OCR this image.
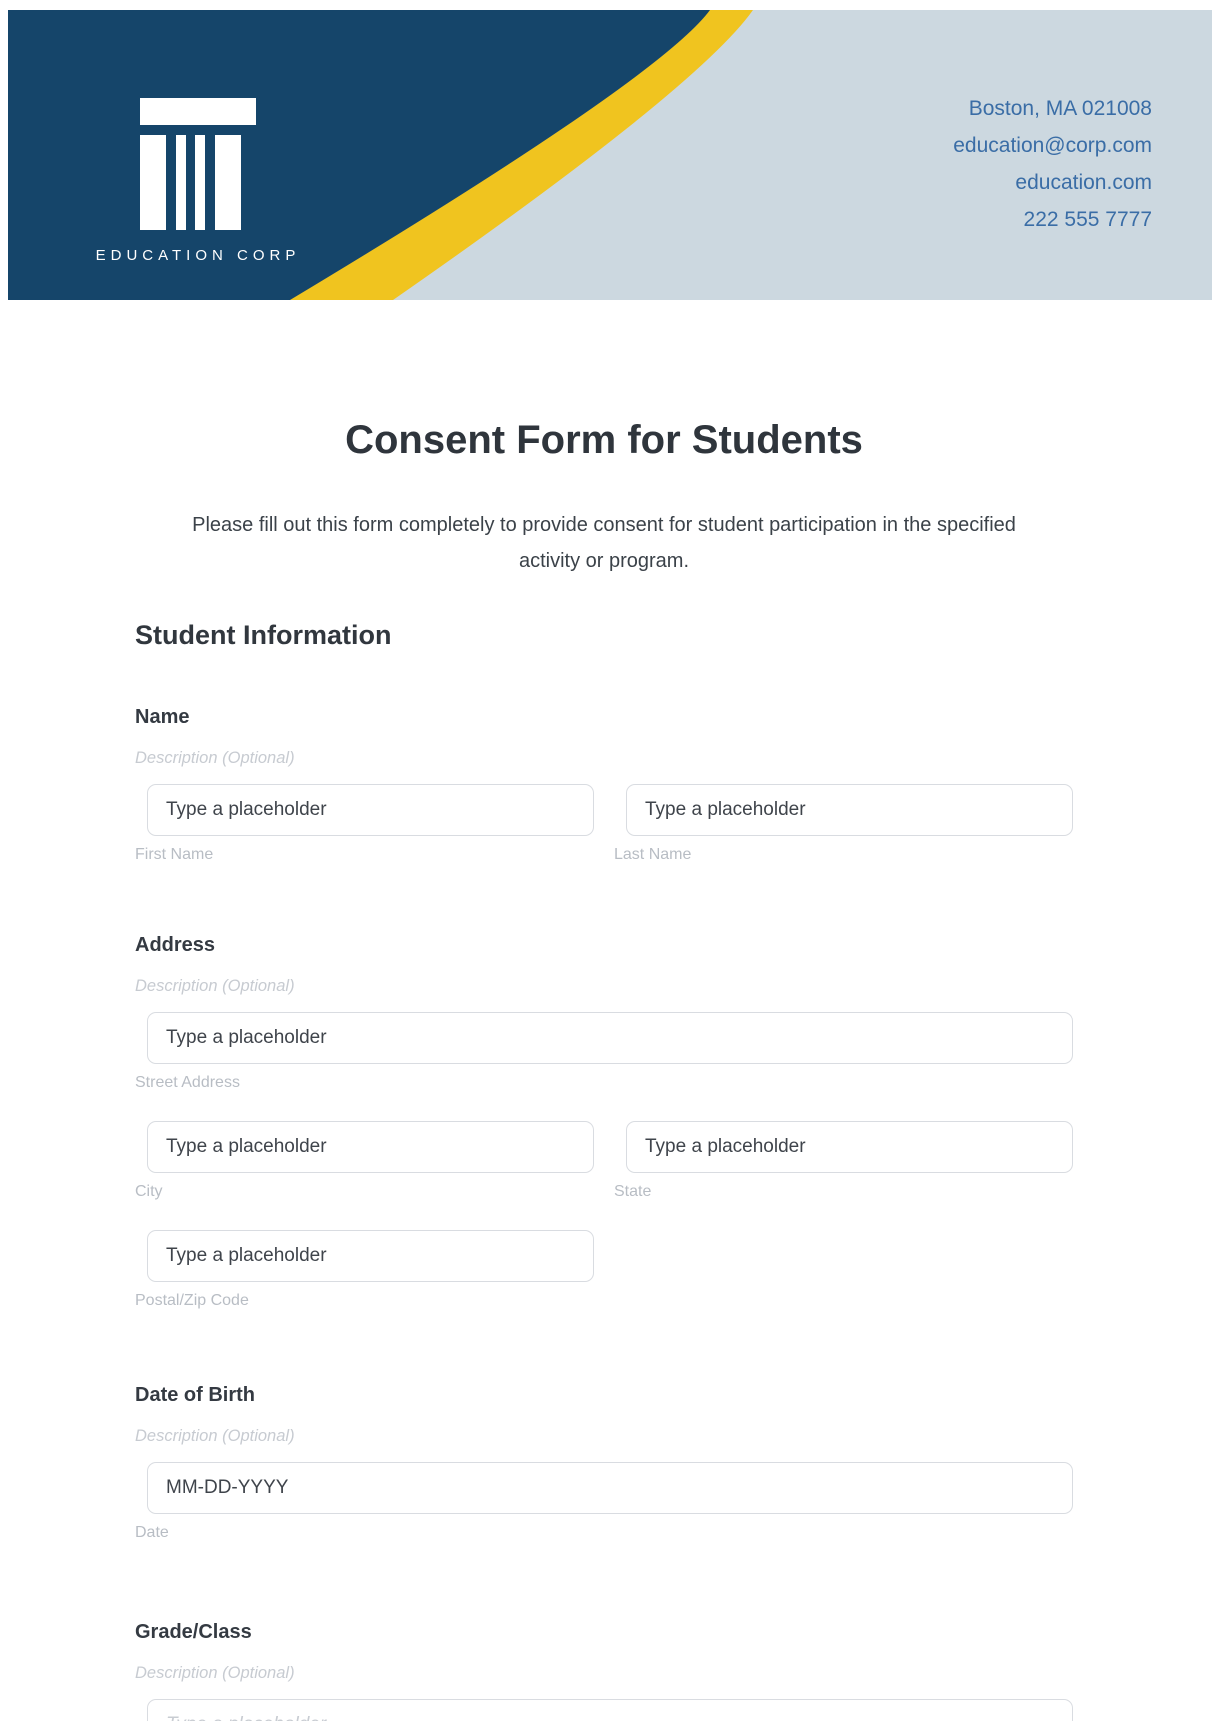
EDUCATION CORP
Boston, MA 021008
education@corp.com
education.com
222 555 7777
Consent Form for Students

Please fill out this form completely to provide consent for student participation in the specified activity or program.

Student Information
Name
Description (Optional)
Type a placeholder
Type a placeholder
First Name	Last Name
Address
Description (Optional)
Type a placeholder
Street Address
Type a placeholder
Type a placeholder
City	State
Type a placeholder
Postal/Zip Code
Date of Birth
Description (Optional)
MM-DD-YYYY
Date
Grade/Class
Description (Optional)
Type a placeholder
